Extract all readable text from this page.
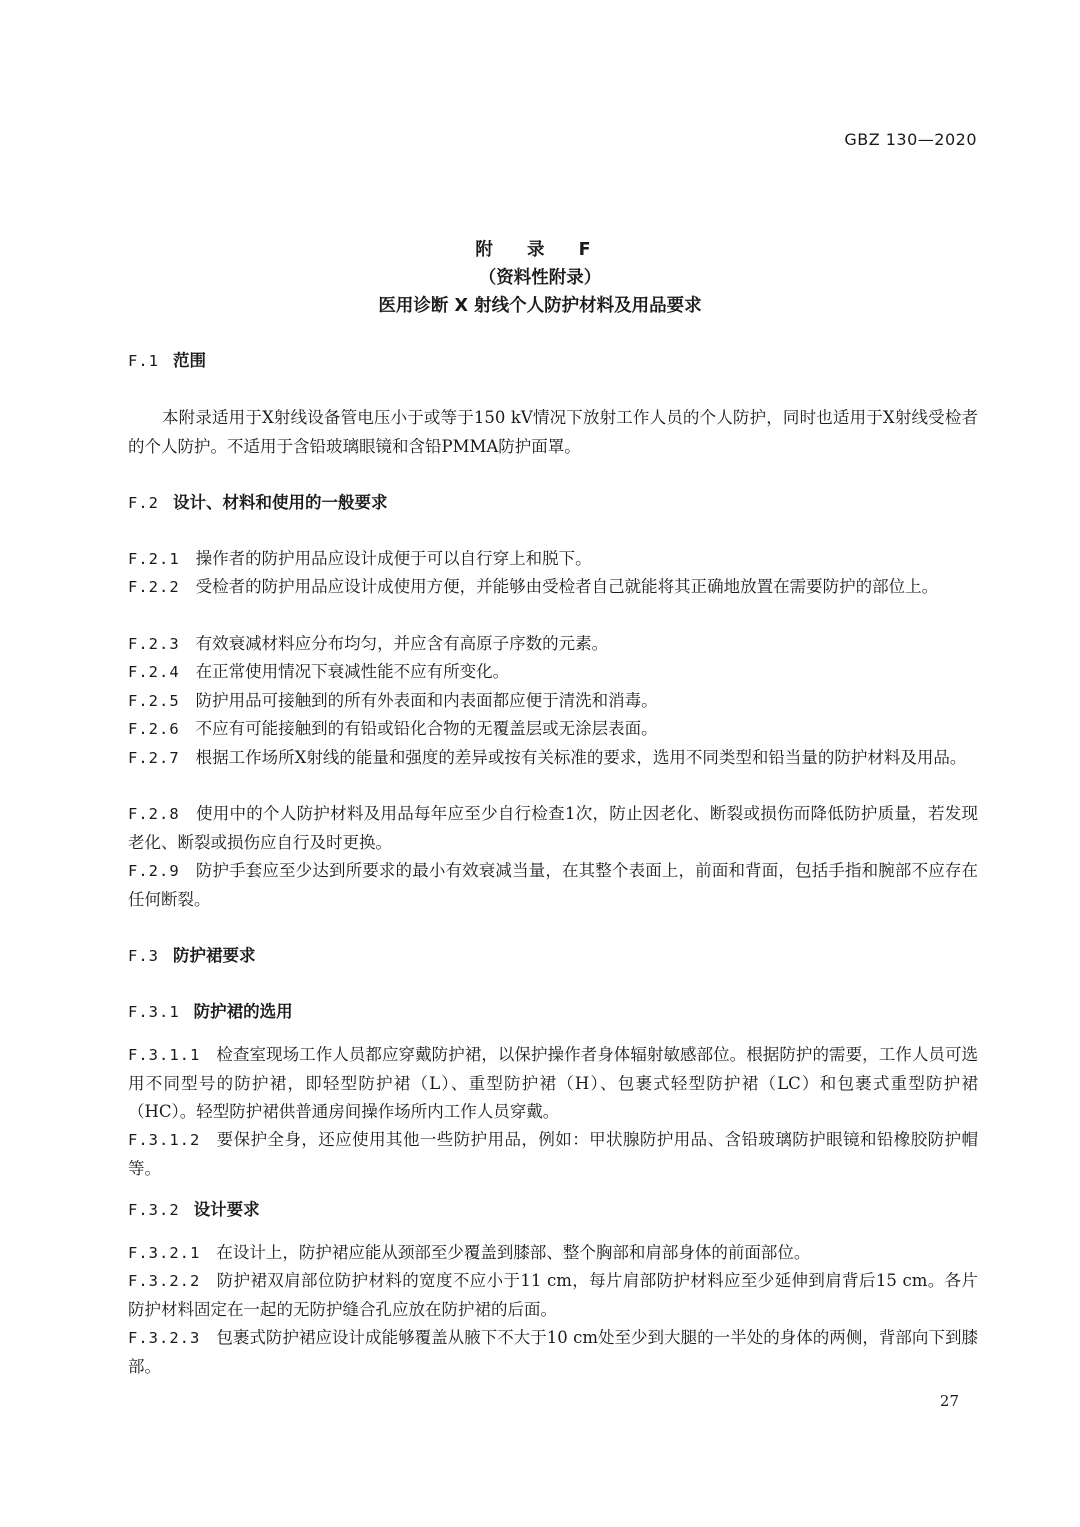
GBZ 130—2020
附 录 F
（资料性附录）
医用诊断 X 射线个人防护材料及用品要求
F.1 范围
本附录适用于X射线设备管电压小于或等于150 kV情况下放射工作人员的个人防护，同时也适用于X射线受检者的个人防护。不适用于含铅玻璃眼镜和含铅PMMA防护面罩。
F.2 设计、材料和使用的一般要求
F.2.1 操作者的防护用品应设计成便于可以自行穿上和脱下。
F.2.2 受检者的防护用品应设计成使用方便，并能够由受检者自己就能将其正确地放置在需要防护的部位上。
F.2.3 有效衰减材料应分布均匀，并应含有高原子序数的元素。
F.2.4 在正常使用情况下衰减性能不应有所变化。
F.2.5 防护用品可接触到的所有外表面和内表面都应便于清洗和消毒。
F.2.6 不应有可能接触到的有铅或铅化合物的无覆盖层或无涂层表面。
F.2.7 根据工作场所X射线的能量和强度的差异或按有关标准的要求，选用不同类型和铅当量的防护材料及用品。
F.2.8 使用中的个人防护材料及用品每年应至少自行检查1次，防止因老化、断裂或损伤而降低防护质量，若发现老化、断裂或损伤应自行及时更换。
F.2.9 防护手套应至少达到所要求的最小有效衰减当量，在其整个表面上，前面和背面，包括手指和腕部不应存在任何断裂。
F.3 防护裙要求
F.3.1 防护裙的选用
F.3.1.1 检查室现场工作人员都应穿戴防护裙，以保护操作者身体辐射敏感部位。根据防护的需要，工作人员可选用不同型号的防护裙，即轻型防护裙（L）、重型防护裙（H）、包裹式轻型防护裙（LC）和包裹式重型防护裙（HC）。轻型防护裙供普通房间操作场所内工作人员穿戴。
F.3.1.2 要保护全身，还应使用其他一些防护用品，例如：甲状腺防护用品、含铅玻璃防护眼镜和铅橡胶防护帽等。
F.3.2 设计要求
F.3.2.1 在设计上，防护裙应能从颈部至少覆盖到膝部、整个胸部和肩部身体的前面部位。
F.3.2.2 防护裙双肩部位防护材料的宽度不应小于11 cm，每片肩部防护材料应至少延伸到肩背后15 cm。各片防护材料固定在一起的无防护缝合孔应放在防护裙的后面。
F.3.2.3 包裹式防护裙应设计成能够覆盖从腋下不大于10 cm处至少到大腿的一半处的身体的两侧，背部向下到膝部。
27
